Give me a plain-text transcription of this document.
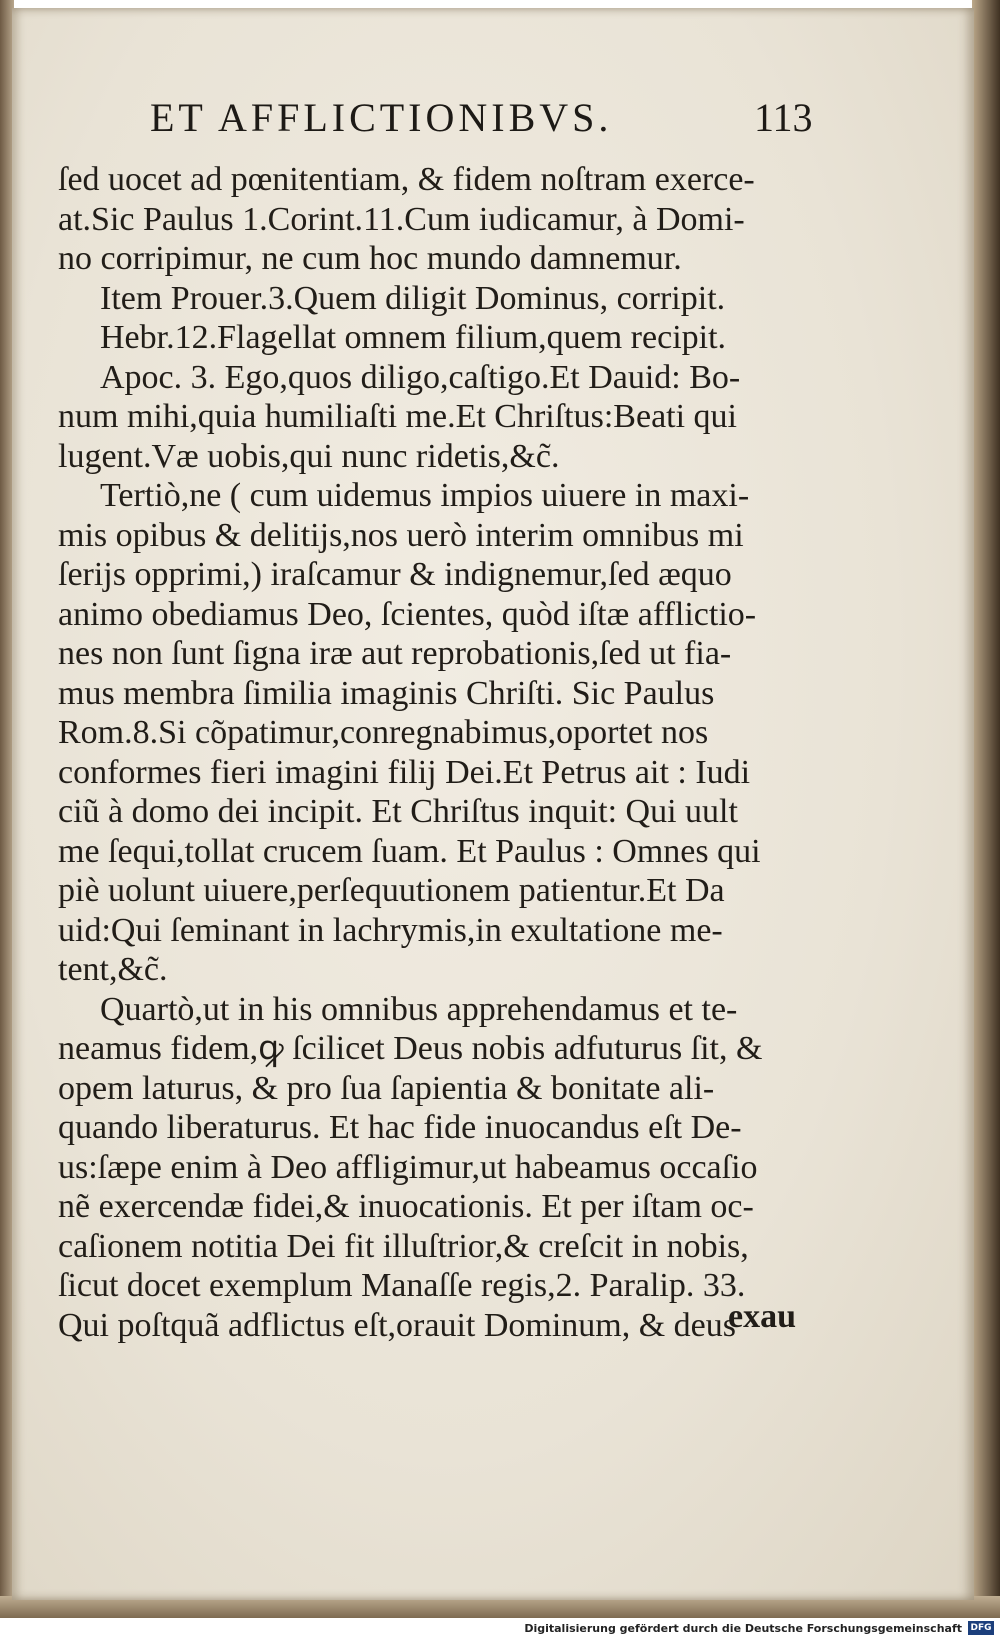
ET AFFLICTIONIBVS.	113
ſed uocet ad pœnitentiam, & fidem noſtram exerce-
at.Sic Paulus 1.Corint.11.Cum iudicamur, à Domi-
no corripimur, ne cum hoc mundo damnemur.
Item Prouer.3.Quem diligit Dominus, corripit.
Hebr.12.Flagellat omnem filium,quem recipit.
Apoc. 3. Ego,quos diligo,caſtigo.Et Dauid: Bo-
num mihi,quia humiliaſti me.Et Chriſtus:Beati qui
lugent.Væ uobis,qui nunc ridetis,&c̃.
Tertiò,ne ( cum uidemus impios uiuere in maxi-
mis opibus & delitijs,nos uerò interim omnibus mi
ſerijs opprimi,) iraſcamur & indignemur,ſed æquo
animo obediamus Deo, ſcientes, quòd iſtæ afflictio-
nes non ſunt ſigna iræ aut reprobationis,ſed ut fia-
mus membra ſimilia imaginis Chriſti. Sic Paulus
Rom.8.Si cõpatimur,conregnabimus,oportet nos
conformes fieri imagini filij Dei.Et Petrus ait : Iudi
ciũ à domo dei incipit. Et Chriſtus inquit: Qui uult
me ſequi,tollat crucem ſuam. Et Paulus : Omnes qui
piè uolunt uiuere,perſequutionem patientur.Et Da
uid:Qui ſeminant in lachrymis,in exultatione me-
tent,&c̃.
Quartò,ut in his omnibus apprehendamus et te-
neamus fidem,ꝙ ſcilicet Deus nobis adfuturus ſit, &
opem laturus, & pro ſua ſapientia & bonitate ali-
quando liberaturus. Et hac fide inuocandus eſt De-
us:ſæpe enim à Deo affligimur,ut habeamus occaſio
nẽ exercendæ fidei,& inuocationis. Et per iſtam oc-
caſionem notitia Dei fit illuſtrior,& creſcit in nobis,
ſicut docet exemplum Manaſſe regis,2. Paralip. 33.
Qui poſtquã adflictus eſt,orauit Dominum, & deus
exau
Digitalisierung gefördert durch die Deutsche Forschungsgemeinschaft DFG
